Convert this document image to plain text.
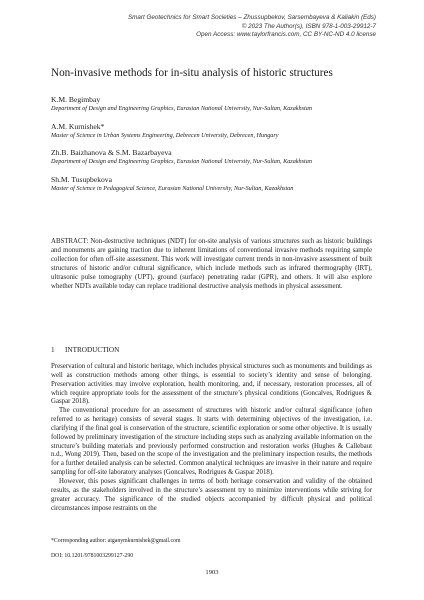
Smart Geotechnics for Smart Societies – Zhussupbekov, Sarsembayeva & Kaliakin (Eds)
© 2023 The Author(s), ISBN 978-1-003-29912-7
Open Access: www.taylorfrancis.com, CC BY-NC-ND 4.0 license
Non-invasive methods for in-situ analysis of historic structures
K.M. Begimbay
Department of Design and Engineering Graphics, Eurasian National University, Nur-Sultan, Kazakhstan
A.M. Kurnishek*
Master of Science in Urban Systems Engineering, Debrecen University, Debrecen, Hungary
Zh.B. Baizhanova & S.M. Bazarbayeva
Department of Design and Engineering Graphics, Eurasian National University, Nur-Sultan, Kazakhstan
Sh.M. Tusupbekova
Master of Science in Pedagogical Science, Eurasian National University, Nur-Sultan, Kazakhstan
ABSTRACT: Non-destructive techniques (NDT) for on-site analysis of various structures such as historic buildings and monuments are gaining traction due to inherent limitations of conventional invasive methods requiring sample collection for often off-site assessment. This work will investigate current trends in non-invasive assessment of built structures of historic and/or cultural significance, which include methods such as infrared thermography (IRT), ultrasonic pulse tomography (UPT), ground (surface) penetrating radar (GPR), and others. It will also explore whether NDTs available today can replace traditional destructive analysis methods in physical assessment.
1 INTRODUCTION

Preservation of cultural and historic heritage, which includes physical structures such as monuments and buildings as well as construction methods among other things, is essential to society’s identity and sense of belonging. Preservation activities may involve exploration, health monitoring, and, if necessary, restoration processes, all of which require appropriate tools for the assessment of the structure’s physical conditions (Goncalves, Rodrigues & Gaspar 2018).

The conventional procedure for an assessment of structures with historic and/or cultural significance (often referred to as heritage) consists of several stages. It starts with determining objectives of the investigation, i.e. clarifying if the final goal is conservation of the structure, scientific exploration or some other objective. It is usually followed by preliminary investigation of the structure including steps such as analyzing available information on the structure’s building materials and previously performed construction and restoration works (Hughes & Callebaut n.d., Wong 2019). Then, based on the scope of the investigation and the preliminary inspection results, the methods for a further detailed analysis can be selected. Common analytical techniques are invasive in their nature and require sampling for off-site laboratory analyses (Goncalves, Rodrigues & Gaspar 2018).

However, this poses significant challenges in terms of both heritage conservation and validity of the obtained results, as the stakeholders involved in the structure’s assessment try to minimize interventions while striving for greater accuracy. The significance of the studied objects accompanied by difficult physical and political circumstances impose restraints on the

*Corresponding author: aiganymkurnishek@gmail.com
DOI: 10.1201/9781003299127-290
1903
